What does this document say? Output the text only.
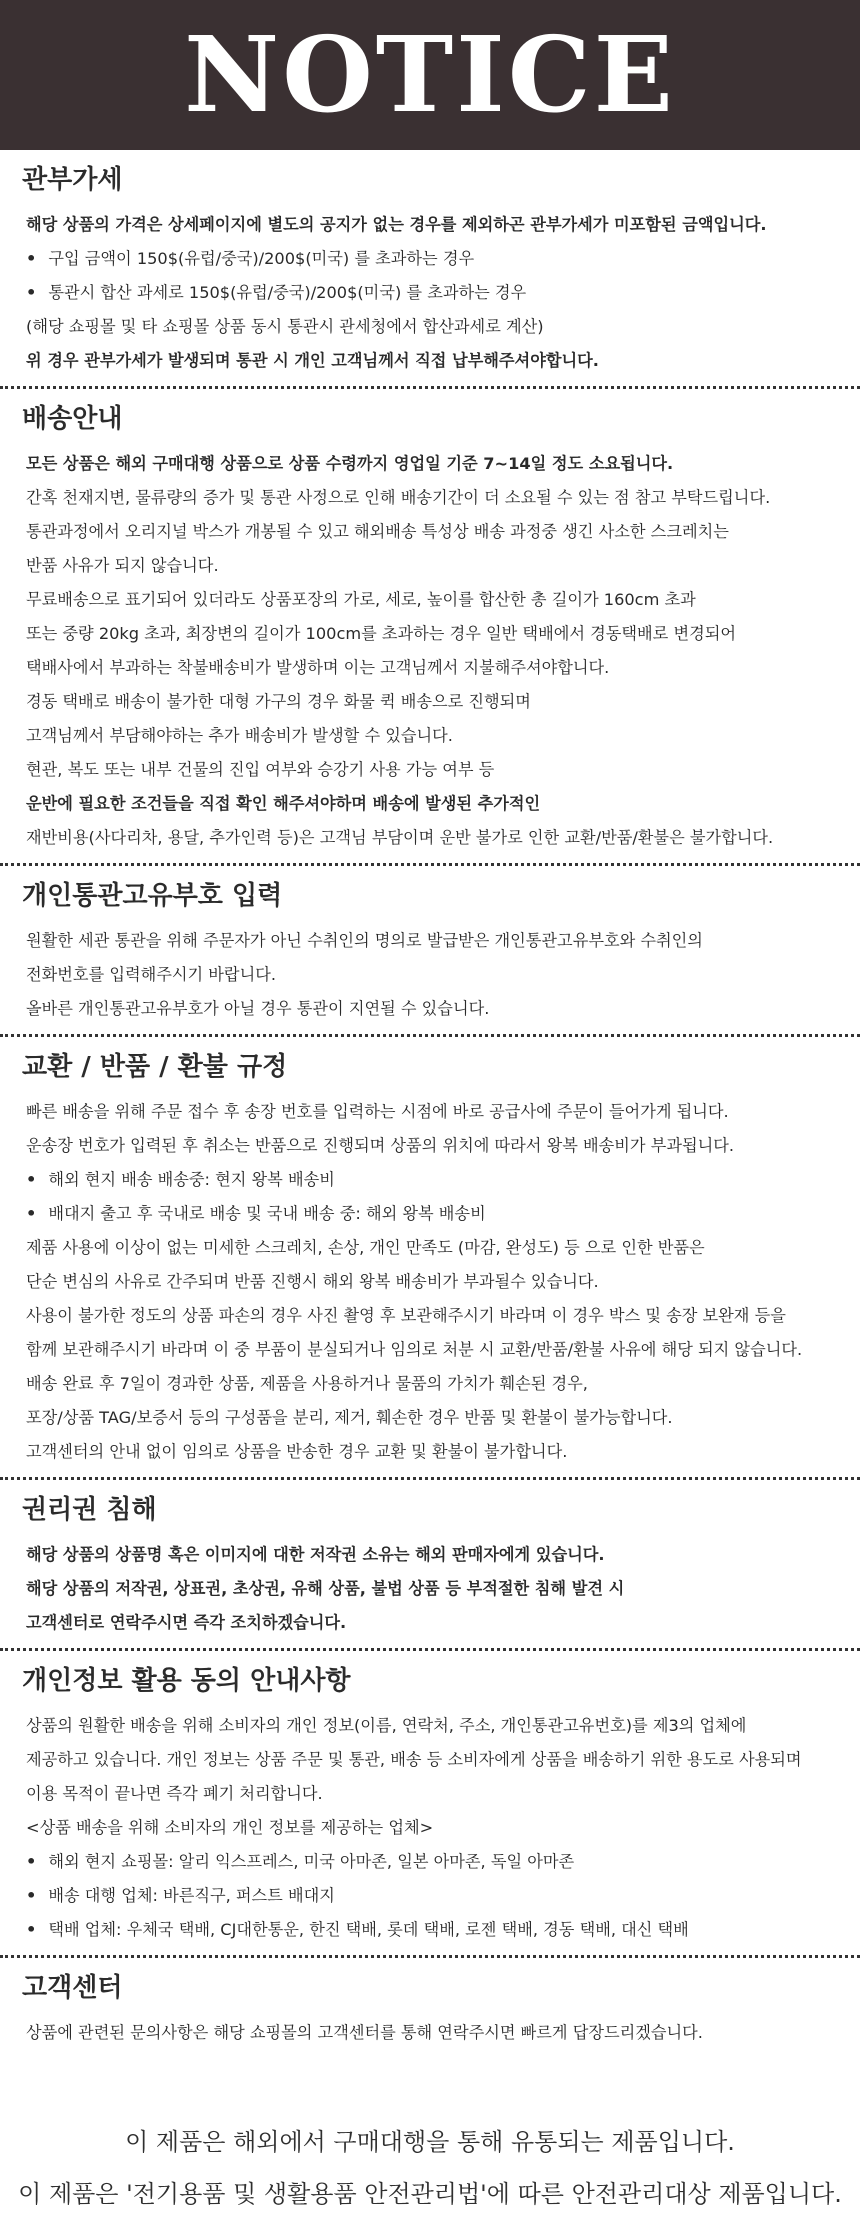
NOTICE
관부가세
해당 상품의 가격은 상세페이지에 별도의 공지가 없는 경우를 제외하곤 관부가세가 미포함된 금액입니다.
• 구입 금액이 150$(유럽/중국)/200$(미국) 를 초과하는 경우
• 통관시 합산 과세로 150$(유럽/중국)/200$(미국) 를 초과하는 경우
(해당 쇼핑몰 및 타 쇼핑몰 상품 동시 통관시 관세청에서 합산과세로 계산)
위 경우 관부가세가 발생되며 통관 시 개인 고객님께서 직접 납부해주셔야합니다.
배송안내
모든 상품은 해외 구매대행 상품으로 상품 수령까지 영업일 기준 7~14일 정도 소요됩니다.
간혹 천재지변, 물류량의 증가 및 통관 사정으로 인해 배송기간이 더 소요될 수 있는 점 참고 부탁드립니다.
통관과정에서 오리지널 박스가 개봉될 수 있고 해외배송 특성상 배송 과정중 생긴 사소한 스크레치는
반품 사유가 되지 않습니다.
무료배송으로 표기되어 있더라도 상품포장의 가로, 세로, 높이를 합산한 총 길이가 160cm 초과
또는 중량 20kg 초과, 최장변의 길이가 100cm를 초과하는 경우 일반 택배에서 경동택배로 변경되어
택배사에서 부과하는 착불배송비가 발생하며 이는 고객님께서 지불해주셔야합니다.
경동 택배로 배송이 불가한 대형 가구의 경우 화물 퀵 배송으로 진행되며
고객님께서 부담해야하는 추가 배송비가 발생할 수 있습니다.
현관, 복도 또는 내부 건물의 진입 여부와 승강기 사용 가능 여부 등
운반에 필요한 조건들을 직접 확인 해주셔야하며 배송에 발생된 추가적인
재반비용(사다리차, 용달, 추가인력 등)은 고객님 부담이며 운반 불가로 인한 교환/반품/환불은 불가합니다.
개인통관고유부호 입력
원활한 세관 통관을 위해 주문자가 아닌 수취인의 명의로 발급받은 개인통관고유부호와 수취인의
전화번호를 입력해주시기 바랍니다.
올바른 개인통관고유부호가 아닐 경우 통관이 지연될 수 있습니다.
교환 / 반품 / 환불 규정
빠른 배송을 위해 주문 접수 후 송장 번호를 입력하는 시점에 바로 공급사에 주문이 들어가게 됩니다.
운송장 번호가 입력된 후 취소는 반품으로 진행되며 상품의 위치에 따라서 왕복 배송비가 부과됩니다.
• 해외 현지 배송 배송중: 현지 왕복 배송비
• 배대지 출고 후 국내로 배송 및 국내 배송 중: 해외 왕복 배송비
제품 사용에 이상이 없는 미세한 스크레치, 손상, 개인 만족도 (마감, 완성도) 등 으로 인한 반품은
단순 변심의 사유로 간주되며 반품 진행시 해외 왕복 배송비가 부과될수 있습니다.
사용이 불가한 정도의 상품 파손의 경우 사진 촬영 후 보관해주시기 바라며 이 경우 박스 및 송장 보완재 등을
함께 보관해주시기 바라며 이 중 부품이 분실되거나 임의로 처분 시 교환/반품/환불 사유에 해당 되지 않습니다.
배송 완료 후 7일이 경과한 상품, 제품을 사용하거나 물품의 가치가 훼손된 경우,
포장/상품 TAG/보증서 등의 구성품을 분리, 제거, 훼손한 경우 반품 및 환불이 불가능합니다.
고객센터의 안내 없이 임의로 상품을 반송한 경우 교환 및 환불이 불가합니다.
권리권 침해
해당 상품의 상품명 혹은 이미지에 대한 저작권 소유는 해외 판매자에게 있습니다.
해당 상품의 저작권, 상표권, 초상권, 유해 상품, 불법 상품 등 부적절한 침해 발견 시
고객센터로 연락주시면 즉각 조치하겠습니다.
개인정보 활용 동의 안내사항
상품의 원활한 배송을 위해 소비자의 개인 정보(이름, 연락처, 주소, 개인통관고유번호)를 제3의 업체에
제공하고 있습니다. 개인 정보는 상품 주문 및 통관, 배송 등 소비자에게 상품을 배송하기 위한 용도로 사용되며
이용 목적이 끝나면 즉각 폐기 처리합니다.
<상품 배송을 위해 소비자의 개인 정보를 제공하는 업체>
• 해외 현지 쇼핑몰: 알리 익스프레스, 미국 아마존, 일본 아마존, 독일 아마존
• 배송 대행 업체: 바른직구, 퍼스트 배대지
• 택배 업체: 우체국 택배, CJ대한통운, 한진 택배, 롯데 택배, 로젠 택배, 경동 택배, 대신 택배
고객센터
상품에 관련된 문의사항은 해당 쇼핑몰의 고객센터를 통해 연락주시면 빠르게 답장드리겠습니다.
이 제품은 해외에서 구매대행을 통해 유통되는 제품입니다.
이 제품은 '전기용품 및 생활용품 안전관리법'에 따른 안전관리대상 제품입니다.
